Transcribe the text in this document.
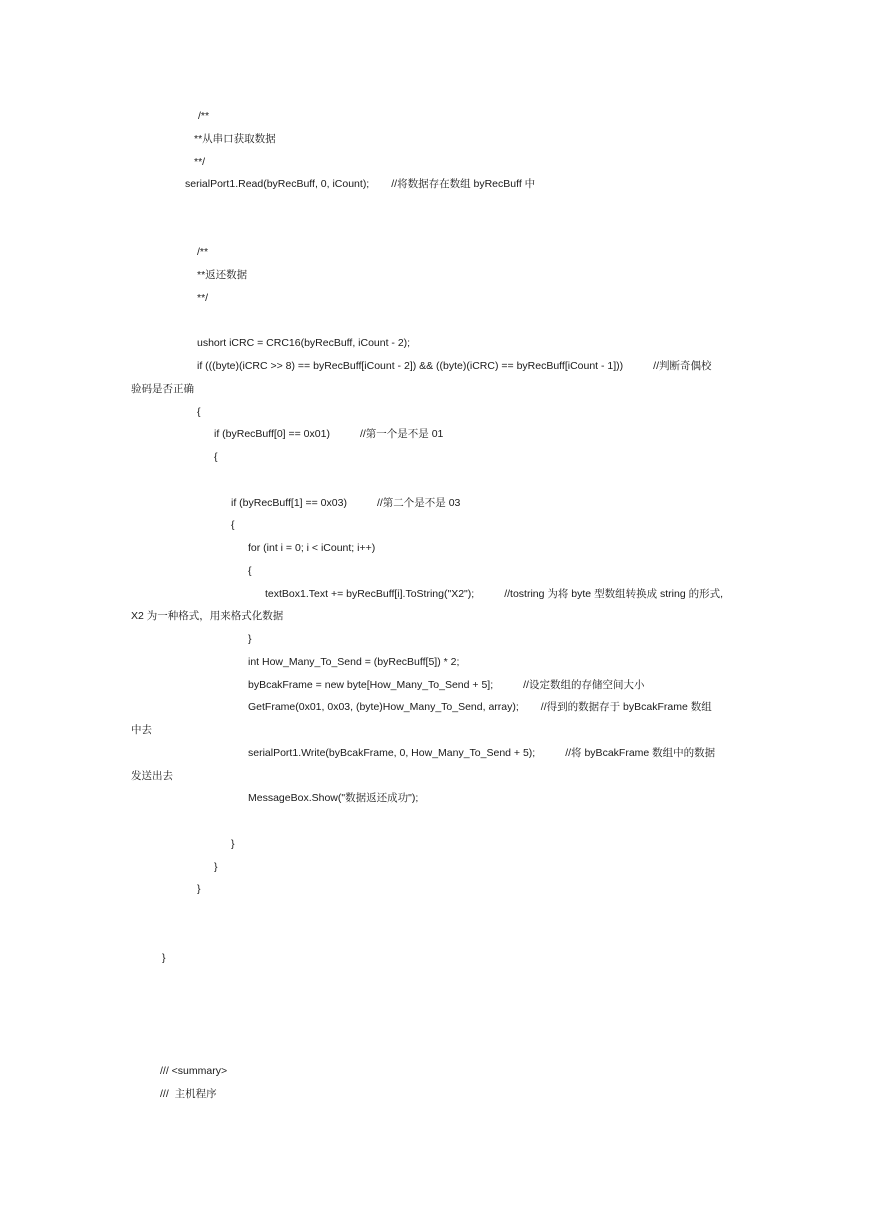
/**
**从串口获取数据
**/
serialPort1.Read(byRecBuff, 0, iCount); //将数据存在数组 byRecBuff 中
/**
**返还数据
**/
ushort iCRC = CRC16(byRecBuff, iCount - 2);
if (((byte)(iCRC >> 8) == byRecBuff[iCount - 2]) && ((byte)(iCRC) == byRecBuff[iCount - 1]))	//判断奇偶校
验码是否正确
{
if (byRecBuff[0] == 0x01)	//第一个是不是 01
{
if (byRecBuff[1] == 0x03)	//第二个是不是 03
{
for (int i = 0; i < iCount; i++)
{
textBox1.Text += byRecBuff[i].ToString("X2");	//tostring 为将 byte 型数组转换成 string 的形式,
X2 为一种格式，用来格式化数据
}
int How_Many_To_Send = (byRecBuff[5]) * 2;
byBcakFrame = new byte[How_Many_To_Send + 5];	//设定数组的存储空间大小
GetFrame(0x01, 0x03, (byte)How_Many_To_Send, array); //得到的数据存于 byBcakFrame 数组
中去
serialPort1.Write(byBcakFrame, 0, How_Many_To_Send + 5);	//将 byBcakFrame 数组中的数据
发送出去
MessageBox.Show("数据返还成功");
}
}
}
}
/// <summary>
///  主机程序
